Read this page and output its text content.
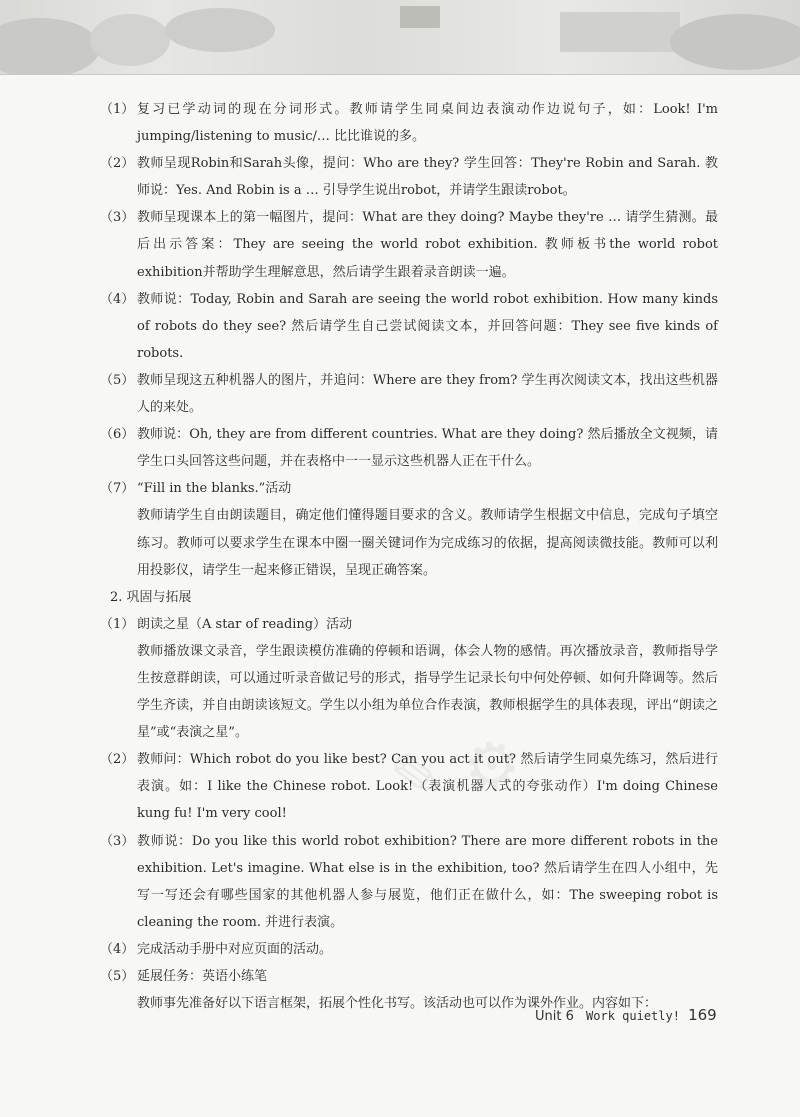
✎ ⚙
（1） 复习已学动词的现在分词形式。教师请学生同桌间边表演动作边说句子，如：Look! I'm jumping/listening to music/… 比比谁说的多。
（2） 教师呈现Robin和Sarah头像，提问：Who are they? 学生回答：They're Robin and Sarah. 教师说：Yes. And Robin is a … 引导学生说出robot，并请学生跟读robot。
（3） 教师呈现课本上的第一幅图片，提问：What are they doing? Maybe they're … 请学生猜测。最后出示答案：They are seeing the world robot exhibition. 教师板书the world robot exhibition并帮助学生理解意思，然后请学生跟着录音朗读一遍。
（4） 教师说：Today, Robin and Sarah are seeing the world robot exhibition. How many kinds of robots do they see? 然后请学生自己尝试阅读文本，并回答问题：They see five kinds of robots.
（5） 教师呈现这五种机器人的图片，并追问：Where are they from? 学生再次阅读文本，找出这些机器人的来处。
（6） 教师说：Oh, they are from different countries. What are they doing? 然后播放全文视频，请学生口头回答这些问题，并在表格中一一显示这些机器人正在干什么。
（7） “Fill in the blanks.”活动
教师请学生自由朗读题目，确定他们懂得题目要求的含义。教师请学生根据文中信息，完成句子填空练习。教师可以要求学生在课本中圈一圈关键词作为完成练习的依据，提高阅读微技能。教师可以利用投影仪，请学生一起来修正错误，呈现正确答案。
2. 巩固与拓展
（1） 朗读之星（A star of reading）活动
教师播放课文录音，学生跟读模仿准确的停顿和语调，体会人物的感情。再次播放录音，教师指导学生按意群朗读，可以通过听录音做记号的形式，指导学生记录长句中何处停顿、如何升降调等。然后学生齐读，并自由朗读该短文。学生以小组为单位合作表演，教师根据学生的具体表现，评出“朗读之星”或“表演之星”。
（2） 教师问：Which robot do you like best? Can you act it out? 然后请学生同桌先练习，然后进行表演。如：I like the Chinese robot. Look!（表演机器人式的夸张动作）I'm doing Chinese kung fu! I'm very cool!
（3） 教师说：Do you like this world robot exhibition? There are more different robots in the exhibition. Let's imagine. What else is in the exhibition, too? 然后请学生在四人小组中，先写一写还会有哪些国家的其他机器人参与展览，他们正在做什么，如：The sweeping robot is cleaning the room. 并进行表演。
（4） 完成活动手册中对应页面的活动。
（5） 延展任务：英语小练笔
教师事先准备好以下语言框架，拓展个性化书写。该活动也可以作为课外作业。内容如下：
Unit 6 Work quietly! 169
